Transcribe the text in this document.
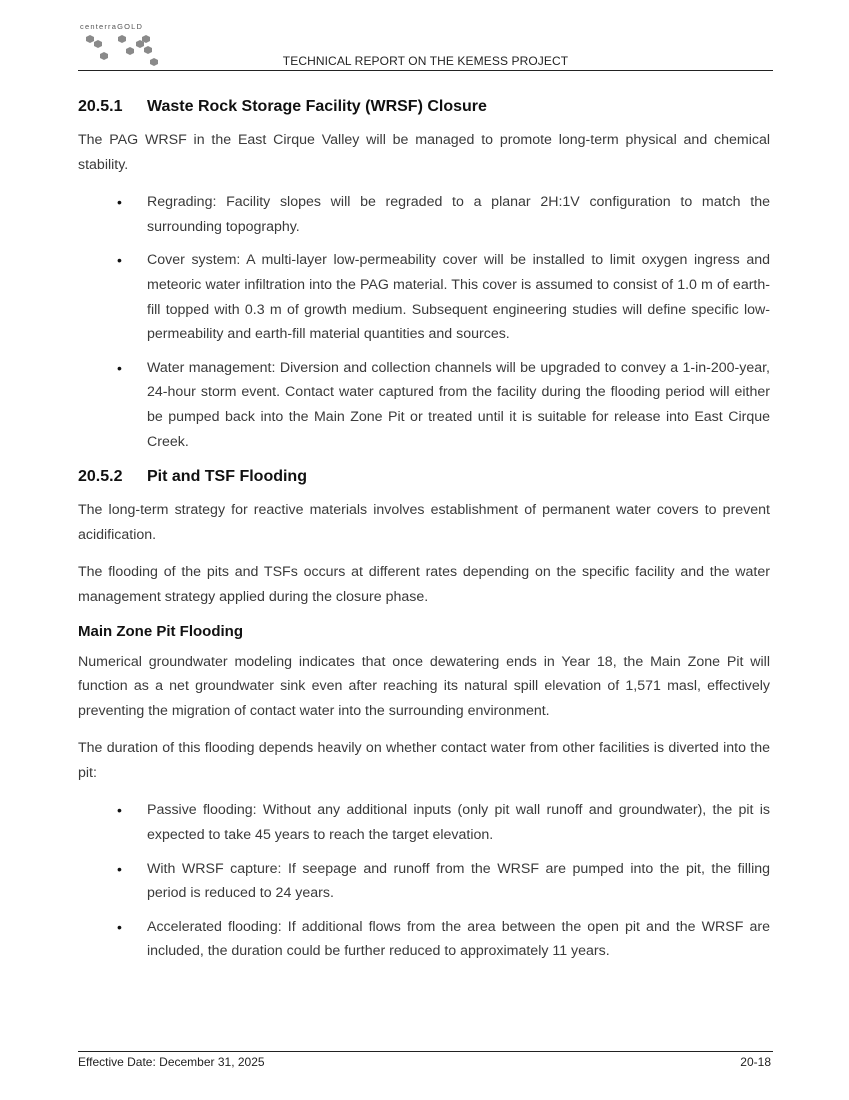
centerraGOLD
TECHNICAL REPORT ON THE KEMESS PROJECT
20.5.1	Waste Rock Storage Facility (WRSF) Closure

The PAG WRSF in the East Cirque Valley will be managed to promote long-term physical and chemical stability.

• Regrading: Facility slopes will be regraded to a planar 2H:1V configuration to match the surrounding topography.
• Cover system: A multi-layer low-permeability cover will be installed to limit oxygen ingress and meteoric water infiltration into the PAG material. This cover is assumed to consist of 1.0 m of earth-fill topped with 0.3 m of growth medium. Subsequent engineering studies will define specific low-permeability and earth-fill material quantities and sources.
• Water management: Diversion and collection channels will be upgraded to convey a 1-in-200-year, 24-hour storm event. Contact water captured from the facility during the flooding period will either be pumped back into the Main Zone Pit or treated until it is suitable for release into East Cirque Creek.
20.5.2	Pit and TSF Flooding

The long-term strategy for reactive materials involves establishment of permanent water covers to prevent acidification.

The flooding of the pits and TSFs occurs at different rates depending on the specific facility and the water management strategy applied during the closure phase.

Main Zone Pit Flooding

Numerical groundwater modeling indicates that once dewatering ends in Year 18, the Main Zone Pit will function as a net groundwater sink even after reaching its natural spill elevation of 1,571 masl, effectively preventing the migration of contact water into the surrounding environment.

The duration of this flooding depends heavily on whether contact water from other facilities is diverted into the pit:

• Passive flooding: Without any additional inputs (only pit wall runoff and groundwater), the pit is expected to take 45 years to reach the target elevation.
• With WRSF capture: If seepage and runoff from the WRSF are pumped into the pit, the filling period is reduced to 24 years.
• Accelerated flooding: If additional flows from the area between the open pit and the WRSF are included, the duration could be further reduced to approximately 11 years.
Effective Date: December 31, 2025	20-18
